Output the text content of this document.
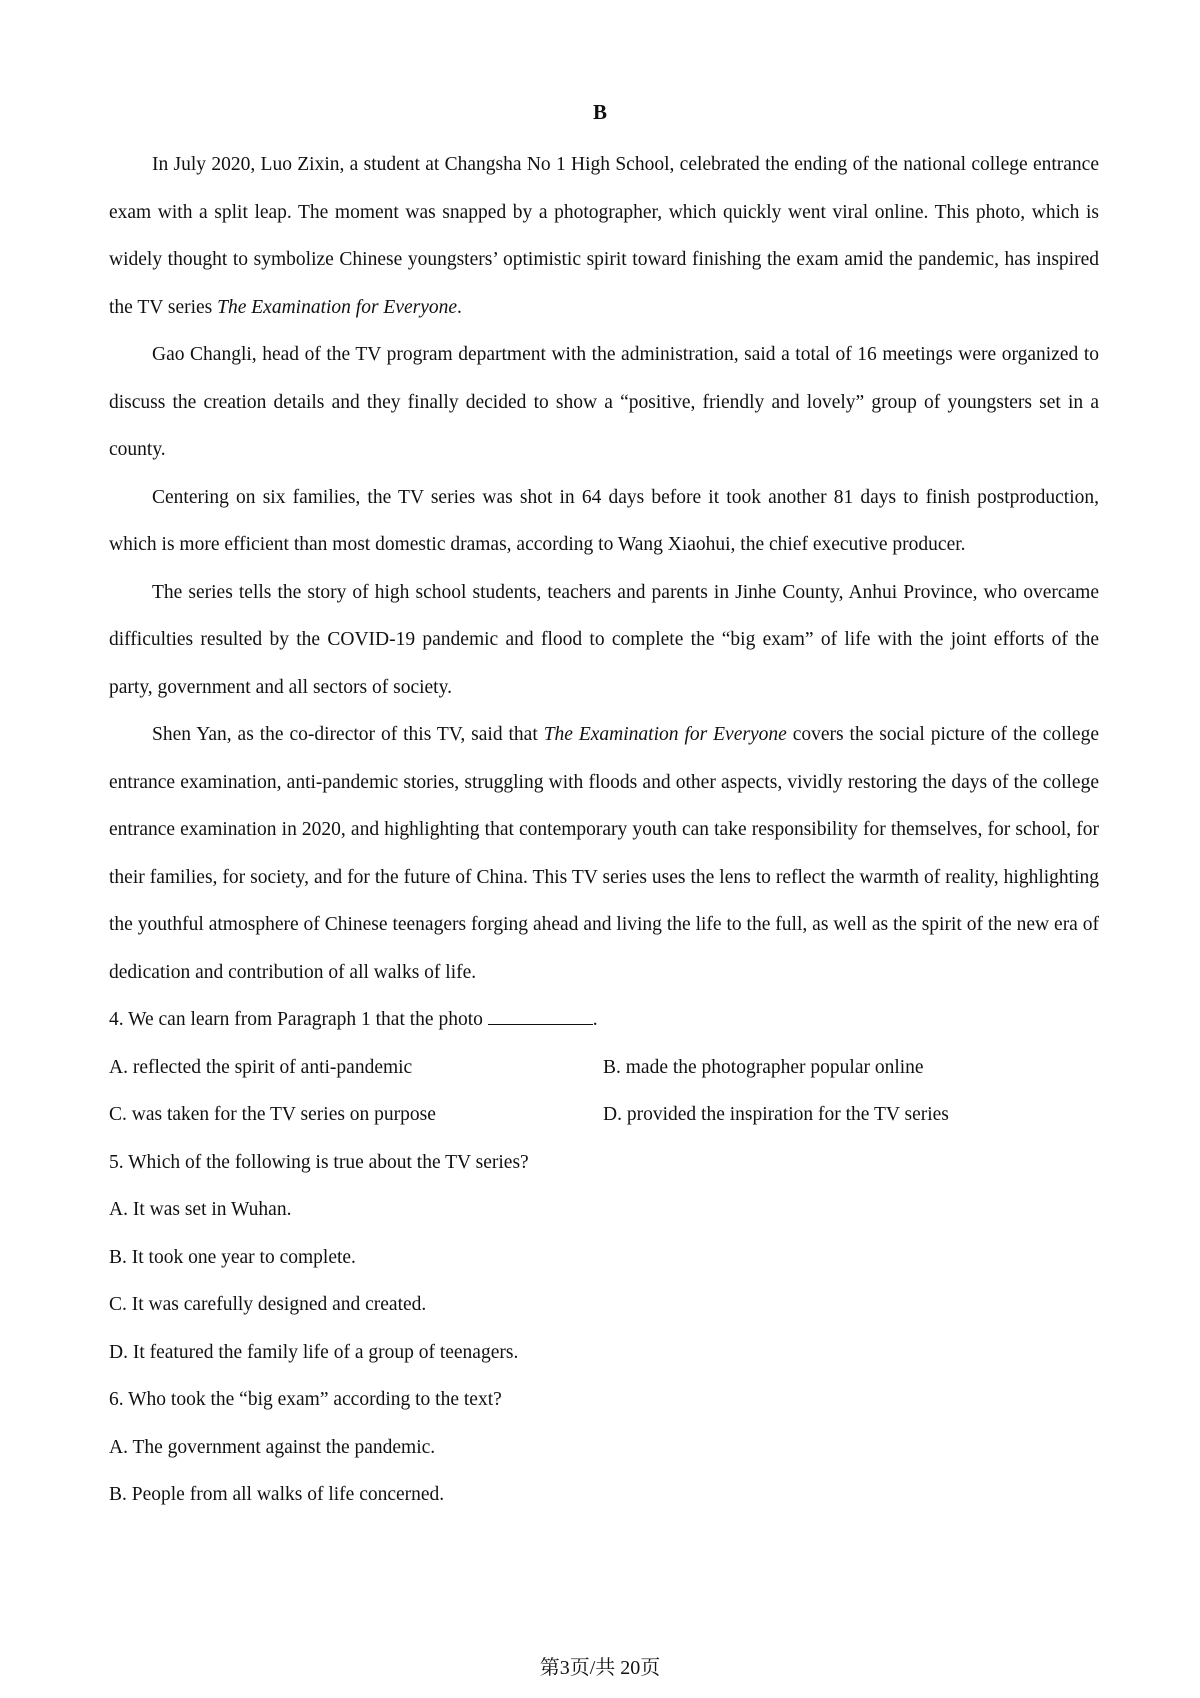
B

In July 2020, Luo Zixin, a student at Changsha No 1 High School, celebrated the ending of the national college entrance exam with a split leap. The moment was snapped by a photographer, which quickly went viral online. This photo, which is widely thought to symbolize Chinese youngsters’ optimistic spirit toward finishing the exam amid the pandemic, has inspired the TV series The Examination for Everyone.

Gao Changli, head of the TV program department with the administration, said a total of 16 meetings were organized to discuss the creation details and they finally decided to show a “positive, friendly and lovely” group of youngsters set in a county.

Centering on six families, the TV series was shot in 64 days before it took another 81 days to finish postproduction, which is more efficient than most domestic dramas, according to Wang Xiaohui, the chief executive producer.

The series tells the story of high school students, teachers and parents in Jinhe County, Anhui Province, who overcame difficulties resulted by the COVID-19 pandemic and flood to complete the “big exam” of life with the joint efforts of the party, government and all sectors of society.

Shen Yan, as the co-director of this TV, said that The Examination for Everyone covers the social picture of the college entrance examination, anti-pandemic stories, struggling with floods and other aspects, vividly restoring the days of the college entrance examination in 2020, and highlighting that contemporary youth can take responsibility for themselves, for school, for their families, for society, and for the future of China. This TV series uses the lens to reflect the warmth of reality, highlighting the youthful atmosphere of Chinese teenagers forging ahead and living the life to the full, as well as the spirit of the new era of dedication and contribution of all walks of life.

4. We can learn from Paragraph 1 that the photo	.

A. reflected the spirit of anti-pandemic	B. made the photographer popular online

C. was taken for the TV series on purpose	D. provided the inspiration for the TV series

5. Which of the following is true about the TV series?

A. It was set in Wuhan.

B. It took one year to complete.

C. It was carefully designed and created.

D. It featured the family life of a group of teenagers.

6. Who took the “big exam” according to the text?

A. The government against the pandemic.

B. People from all walks of life concerned.

第3页/共 20页
